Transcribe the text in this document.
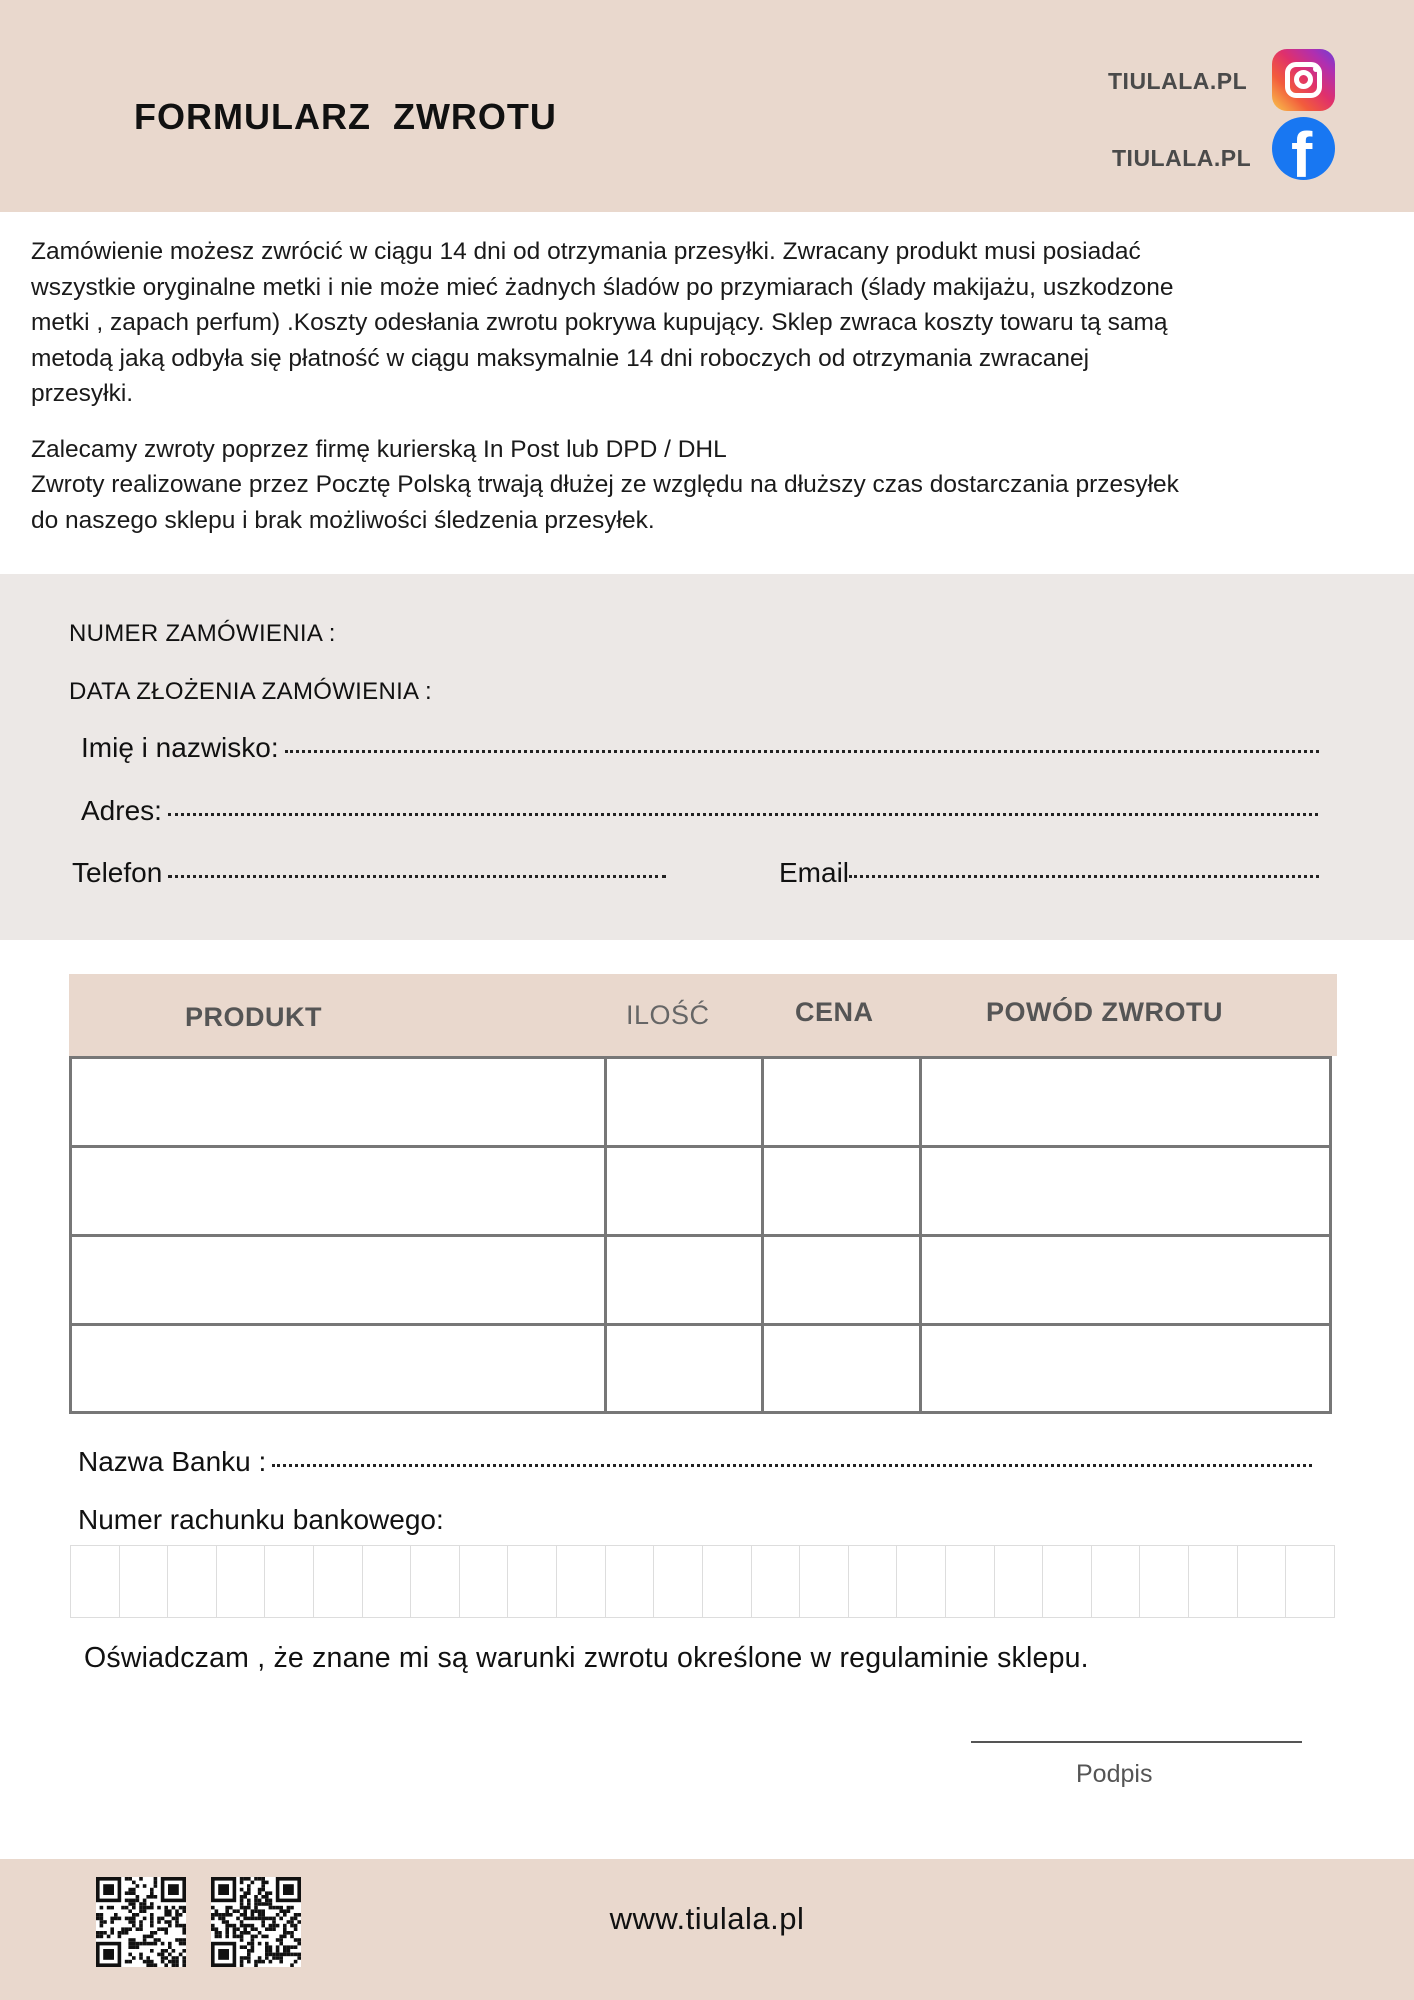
FORMULARZ  ZWROTU
TIULALA.PL
TIULALA.PL f

Zamówienie możesz zwrócić w ciągu 14 dni od otrzymania przesyłki. Zwracany produkt musi posiadać
wszystkie oryginalne metki i nie może mieć żadnych śladów po przymiarach (ślady makijażu, uszkodzone
metki , zapach perfum) .Koszty odesłania zwrotu pokrywa kupujący. Sklep zwraca koszty towaru tą samą
metodą jaką odbyła się płatność w ciągu maksymalnie 14 dni roboczych od otrzymania zwracanej
przesyłki.

Zalecamy zwroty poprzez firmę kurierską In Post lub DPD / DHL
Zwroty realizowane przez Pocztę Polską trwają dłużej ze względu na dłuższy czas dostarczania przesyłek
do naszego sklepu i brak możliwości śledzenia przesyłek.

NUMER ZAMÓWIENIA :
DATA ZŁOŻENIA ZAMÓWIENIA :
Imię i nazwisko:
Adres:
Telefon	Email
PRODUKT	ILOŚĆ	CENA	POWÓD ZWROTU
Nazwa Banku :
Numer rachunku bankowego:
Oświadczam , że znane mi są warunki zwrotu określone w regulaminie sklepu.
Podpis
www.tiulala.pl
